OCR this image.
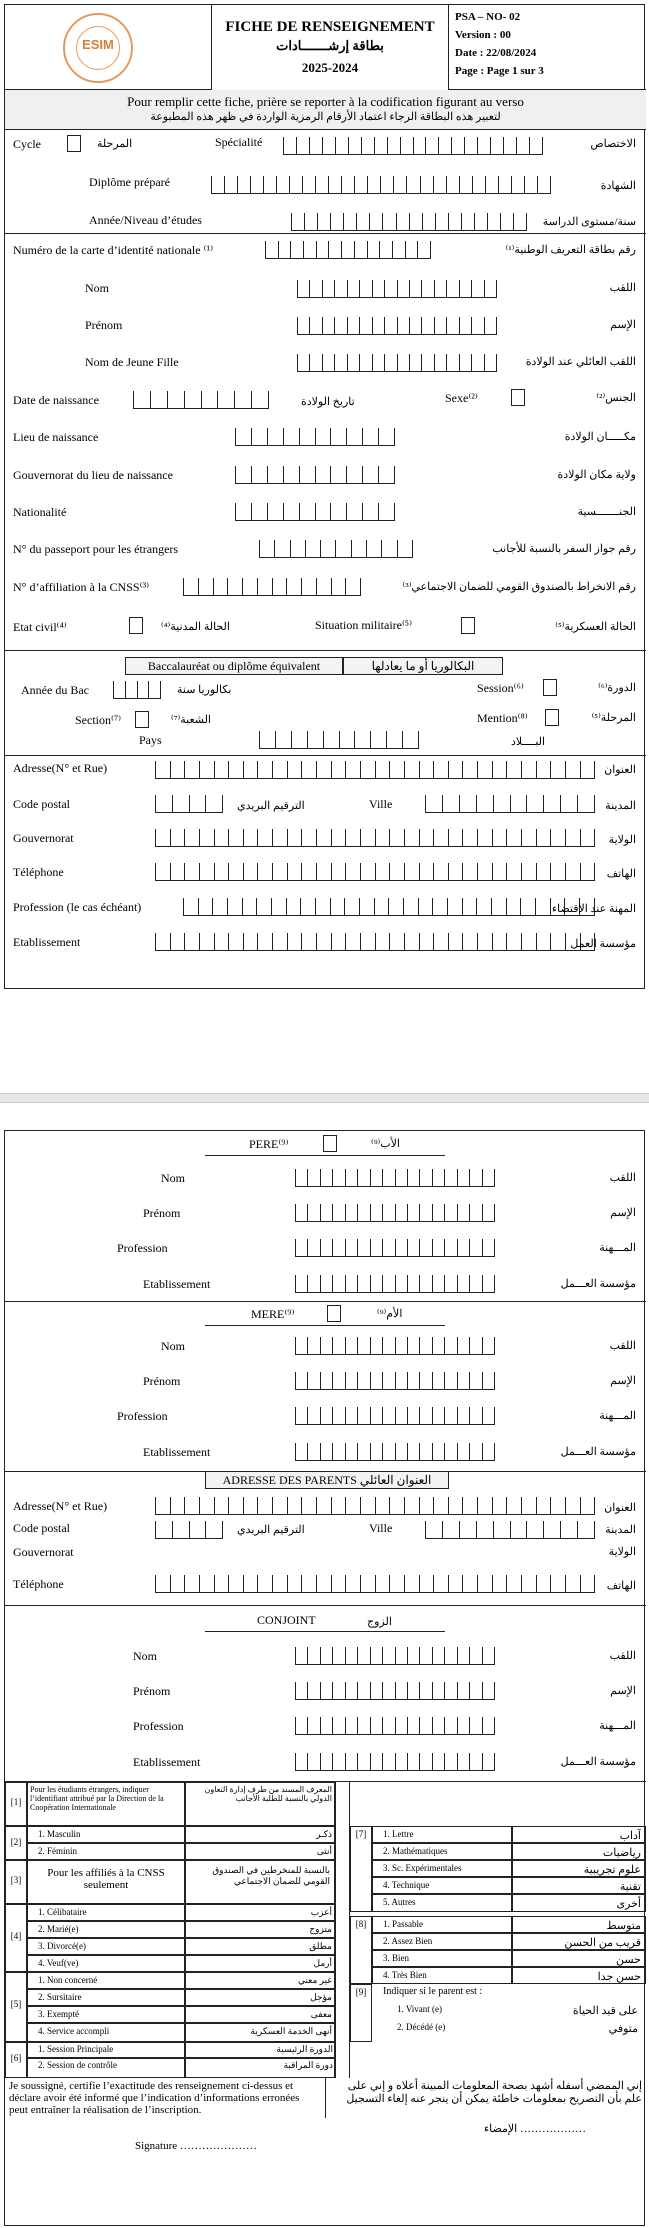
ESIM
FICHE DE RENSEIGNEMENT
بطاقة إرشـــــــادات
2025-2024
PSA – NO- 02
Version : 00
Date : 22/08/2024
Page : Page 1 sur 3
Pour remplir cette fiche, prière se reporter à la codification figurant au verso
لتعبير هذه البطاقة الرجاء اعتماد الأرقام الرمزية الواردة في ظهر هذه المطبوعة
Cycle	المرحلة	Spécialité	الاختصاص
Diplôme préparé	الشهادة
Année/Niveau d’études	سنة/مستوى الدراسة
Numéro de la carte d’identité nationale ⁽¹⁾	رقم بطاقة التعريف الوطنية⁽¹⁾
Nom	اللقب
Prénom	الإسم
Nom de Jeune Fille	اللقب العائلي عند الولادة
Date de naissance	تاريخ الولادة	Sexe⁽²⁾	الجنس⁽²⁾
Lieu de naissance	مكـــــان الولادة
Gouvernorat du lieu de naissance	ولاية مكان الولادة
Nationalité	الجنـــــــسية
N° du passeport pour les étrangers	رقم جواز السفر بالنسبة للأجانب
N° d’affiliation à la CNSS⁽³⁾	رقم الانخراط بالصندوق القومي للضمان الاجتماعي⁽³⁾
Etat civil⁽⁴⁾	الحالة المدنية⁽⁴⁾	Situation militaire⁽⁵⁾	الحالة العسكرية⁽⁵⁾
Baccalauréat ou diplôme équivalent	البكالوريا أو ما يعادلها
Année du Bac	بكالوريا سنة	Session⁽⁶⁾	الدورة⁽⁶⁾
Section⁽⁷⁾	الشعبة⁽⁷⁾	Mention⁽⁸⁾	المرحلة⁽⁵⁾
Pays	البــــلاد
Adresse(N° et Rue)	العنوان
Code postal	الترقيم البريدي	Ville	المدينة
Gouvernorat	الولاية
Téléphone	الهاتف
Profession (le cas échéant)	المهنة عند الاقتضاء
Etablissement	مؤسسة العمل
PERE⁽⁹⁾	الأب⁽⁹⁾
Nom	اللقب
Prénom	الإسم
Profession	المـــهنة
Etablissement	مؤسسة العـــمل
MERE⁽⁹⁾	الأم⁽⁹⁾
Nom	اللقب
Prénom	الإسم
Profession	المـــهنة
Etablissement	مؤسسة العـــمل
ADRESSE DES PARENTS العنوان العائلي
Adresse(N° et Rue)	العنوان
Code postal	الترقيم البريدي	Ville	المدينة
Gouvernorat	الولاية
Téléphone	الهاتف
CONJOINT	الزوج
Nom	اللقب
Prénom	الإسم
Profession	المـــهنة
Etablissement	مؤسسة العـــمل
[1]
Pour les étudiants étrangers, indiquer l’identifiant attribué par la Direction de la Coopération Internationale
المعرف المسند من طرف إدارة التعاون الدولي بالنسبة للطلبة الأجانب
[2]
1. Masculin	ذكـر
2. Féminin	أنثى
[3]
Pour les affiliés à la CNSS seulement
بالنسبة للمنخرطين في الصندوق القومي للضمان الاجتماعي
[4]
1. Célibataire	أعزب
2. Marié(e)	متزوج
3. Divorcé(e)	مطلق
4. Veuf(ve)	أرمل
[5]
1. Non concerné	غير معني
2. Sursitaire	مؤجل
3. Exempté	معفى
4. Service accompli	أنهى الخدمة العسكرية
[6]
1. Session Principale	الدورة الرئيسية
2. Session de contrôle	دورة المراقبة
[7]	1. Lettre	آداب
2. Mathématiques	رياضيات
3. Sc. Expérimentales	علوم تجريبية
4. Technique	تقنية
5. Autres	أخرى
[8]	1. Passable	متوسط
2. Assez Bien	قريب من الحسن
3. Bien	حسن
4. Très Bien	حسن جدا
[9]	Indiquer si le parent est :
1. Vivant (e)	على قيد الحياة
2. Décédé (e)	متوفي
Je soussigné, certifie l’exactitude des renseignement ci-dessus et déclare avoir été informé que l’indication d’informations erronées peut entraîner la réalisation de l’inscription.
Signature …………………
إني الممضي أسفله أشهد بصحة المعلومات المبينة أعلاه و إني على علم بأن التصريح بمعلومات خاطئة يمكن أن ينجر عنه إلغاء التسجيل
……………… الإمضاء
